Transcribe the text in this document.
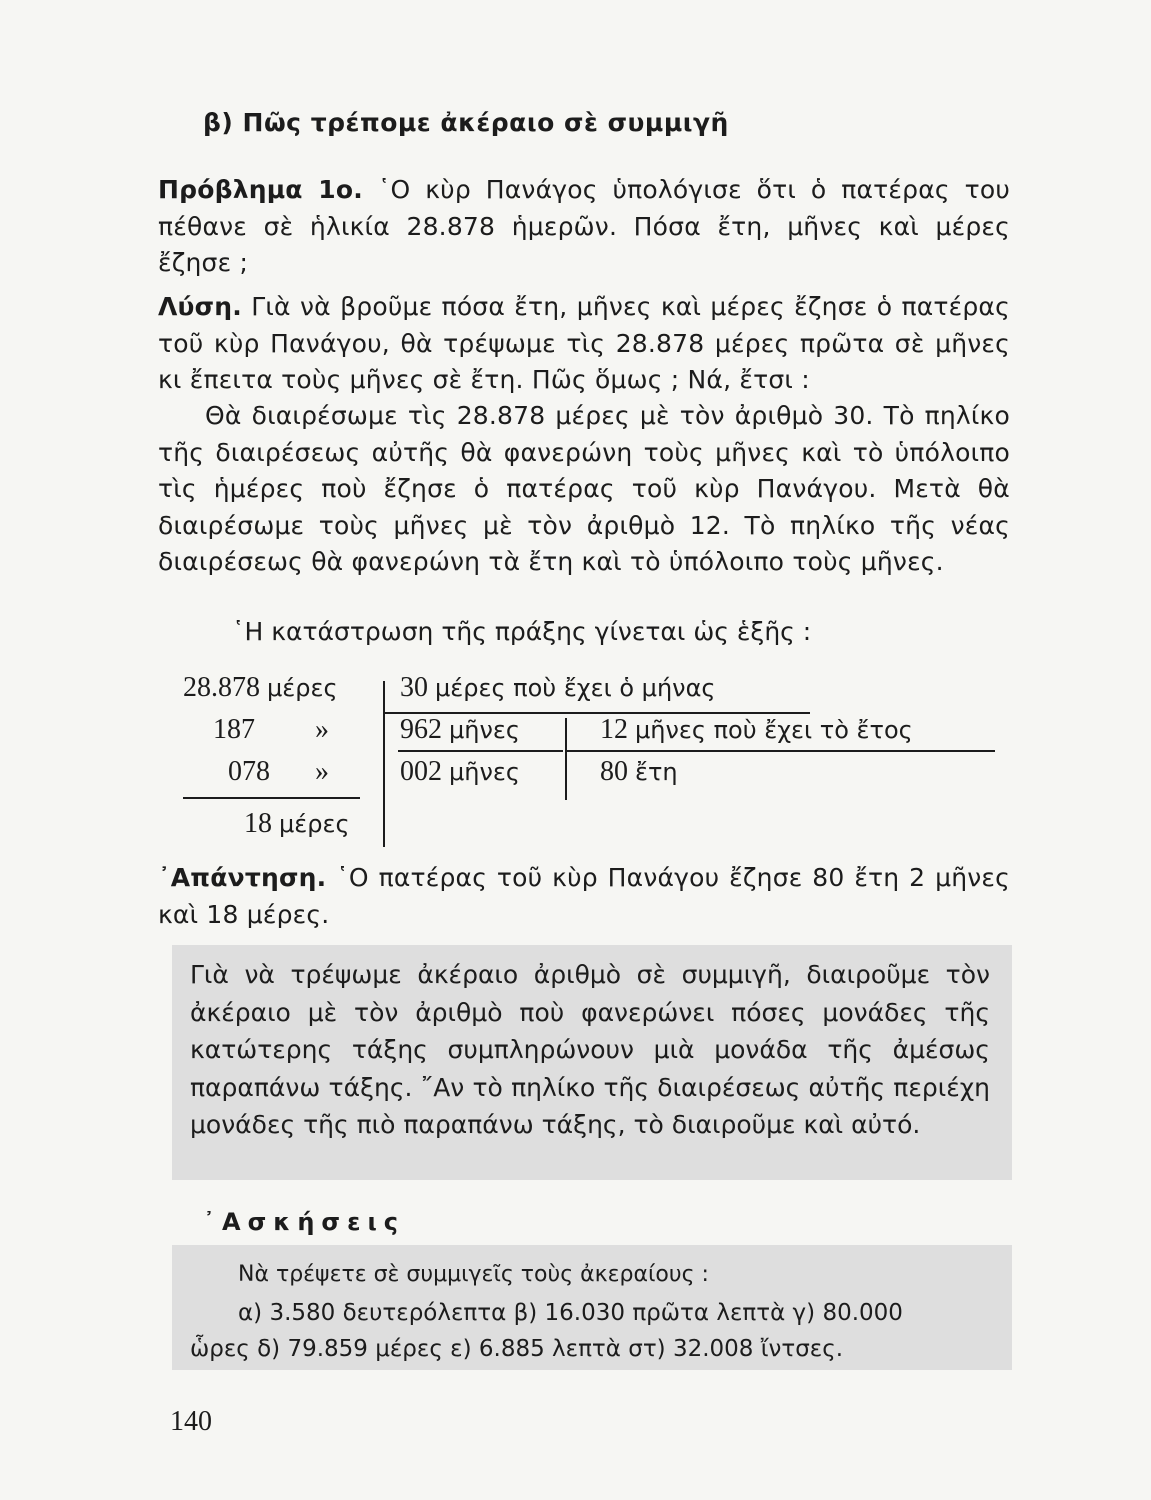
β) Πῶς τρέπομε ἀκέραιο σὲ συμμιγῆ
Πρόβλημα 1ο. ῾Ο κὺρ Πανάγος ὑπολόγισε ὅτι ὁ πατέρας του πέθανε σὲ ἡλικία 28.878 ἡμερῶν. Πόσα ἔτη, μῆνες καὶ μέρες ἔζησε ;
Λύση. Γιὰ νὰ βροῦμε πόσα ἔτη, μῆνες καὶ μέρες ἔζησε ὁ πατέρας τοῦ κὺρ Πανάγου, θὰ τρέψωμε τὶς 28.878 μέρες πρῶτα σὲ μῆνες κι ἔπειτα τοὺς μῆνες σὲ ἔτη. Πῶς ὅμως ; Νά, ἔτσι :
Θὰ διαιρέσωμε τὶς 28.878 μέρες μὲ τὸν ἀριθμὸ 30. Τὸ πηλίκο τῆς διαιρέσεως αὐτῆς θὰ φανερώνη τοὺς μῆνες καὶ τὸ ὑπόλοιπο τὶς ἡμέρες ποὺ ἔζησε ὁ πατέρας τοῦ κὺρ Πανάγου. Μετὰ θὰ διαιρέσωμε τοὺς μῆνες μὲ τὸν ἀριθμὸ 12. Τὸ πηλίκο τῆς νέας διαιρέσεως θὰ φανερώνη τὰ ἔτη καὶ τὸ ὑπόλοιπο τοὺς μῆνες.
῾Η κατάστρωση τῆς πράξης γίνεται ὡς ἑξῆς :
28.878 μέρες
187 »
078 »
18 μέρες
30 μέρες ποὺ ἔχει ὁ μήνας
962 μῆνες
002 μῆνες
12 μῆνες ποὺ ἔχει τὸ ἔτος
80 ἔτη
᾿Απάντηση. ῾Ο πατέρας τοῦ κὺρ Πανάγου ἔζησε 80 ἔτη 2 μῆνες καὶ 18 μέρες.
Γιὰ νὰ τρέψωμε ἀκέραιο ἀριθμὸ σὲ συμμιγῆ, διαιροῦμε τὸν ἀκέραιο μὲ τὸν ἀριθμὸ ποὺ φανερώνει πόσες μονάδες τῆς κατώτερης τάξης συμπληρώνουν μιὰ μονάδα τῆς ἀμέσως παραπάνω τάξης. ῎Αν τὸ πηλίκο τῆς διαιρέσεως αὐτῆς περιέχη μονάδες τῆς πιὸ παραπάνω τάξης, τὸ διαιροῦμε καὶ αὐτό.
᾿Ασκήσεις
Νὰ τρέψετε σὲ συμμιγεῖς τοὺς ἀκεραίους :
α) 3.580 δευτερόλεπτα β) 16.030 πρῶτα λεπτὰ γ) 80.000
ὧρες δ) 79.859 μέρες ε) 6.885 λεπτὰ στ) 32.008 ἴντσες.
140
